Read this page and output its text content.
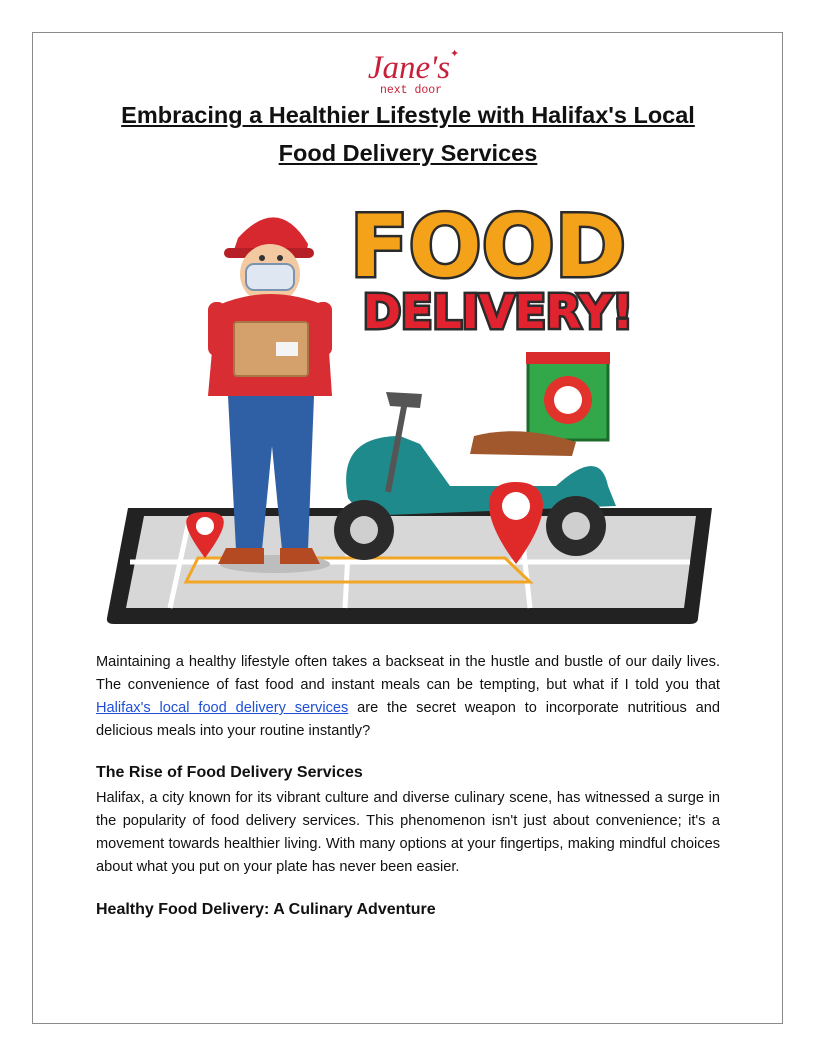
Jane's ✦
next door
Embracing a Healthier Lifestyle with Halifax's Local Food Delivery Services
FOOD
DELIVERY!

Maintaining a healthy lifestyle often takes a backseat in the hustle and bustle of our daily lives. The convenience of fast food and instant meals can be tempting, but what if I told you that Halifax's local food delivery services are the secret weapon to incorporate nutritious and delicious meals into your routine instantly?

The Rise of Food Delivery Services

Halifax, a city known for its vibrant culture and diverse culinary scene, has witnessed a surge in the popularity of food delivery services. This phenomenon isn't just about convenience; it's a movement towards healthier living. With many options at your fingertips, making mindful choices about what you put on your plate has never been easier.

Healthy Food Delivery: A Culinary Adventure
